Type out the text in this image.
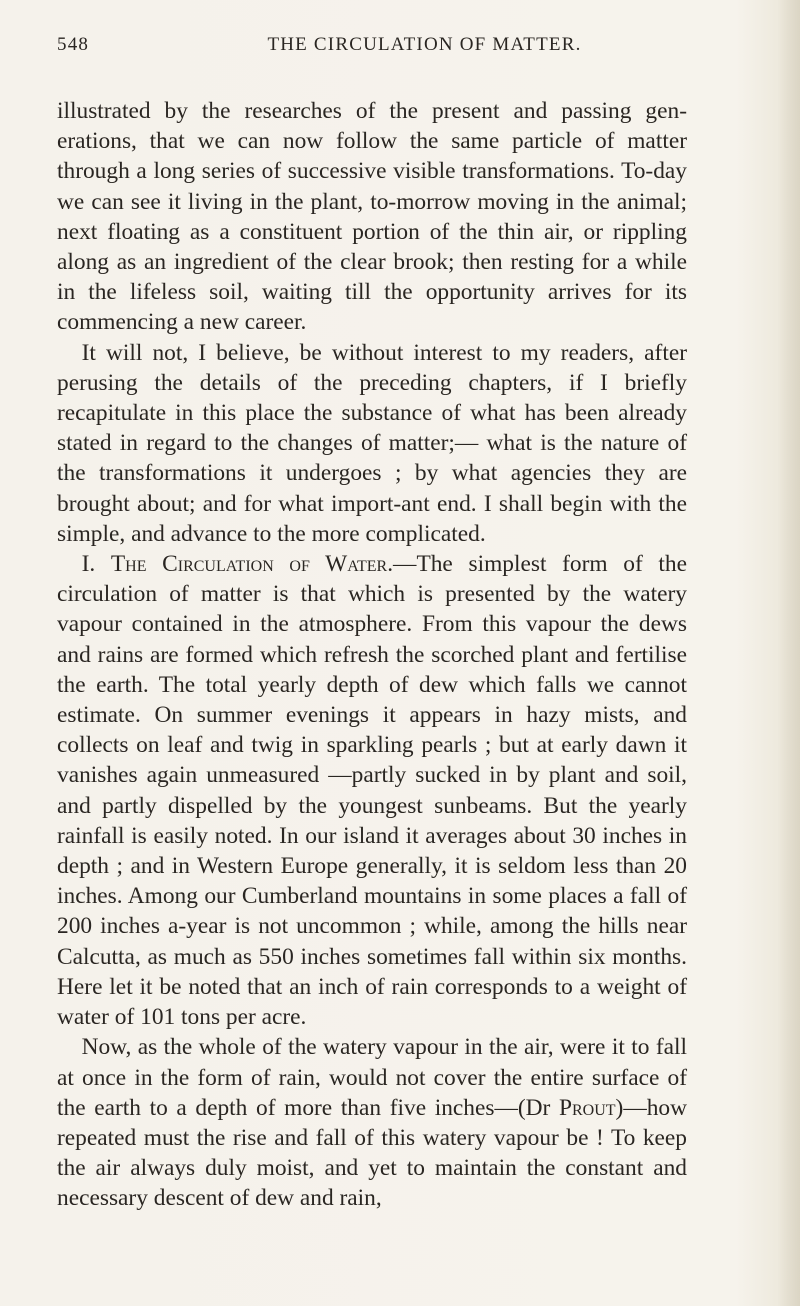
548	THE CIRCULATION OF MATTER.

illustrated by the researches of the present and passing gen-erations, that we can now follow the same particle of matter through a long series of successive visible transformations. To-day we can see it living in the plant, to-morrow moving in the animal; next floating as a constituent portion of the thin air, or rippling along as an ingredient of the clear brook; then resting for a while in the lifeless soil, waiting till the opportunity arrives for its commencing a new career.

It will not, I believe, be without interest to my readers, after perusing the details of the preceding chapters, if I briefly recapitulate in this place the substance of what has been already stated in regard to the changes of matter;— what is the nature of the transformations it undergoes ; by what agencies they are brought about; and for what import-ant end. I shall begin with the simple, and advance to the more complicated.

I. The Circulation of Water.—The simplest form of the circulation of matter is that which is presented by the watery vapour contained in the atmosphere. From this vapour the dews and rains are formed which refresh the scorched plant and fertilise the earth. The total yearly depth of dew which falls we cannot estimate. On summer evenings it appears in hazy mists, and collects on leaf and twig in sparkling pearls ; but at early dawn it vanishes again unmeasured —partly sucked in by plant and soil, and partly dispelled by the youngest sunbeams. But the yearly rainfall is easily noted. In our island it averages about 30 inches in depth ; and in Western Europe generally, it is seldom less than 20 inches. Among our Cumberland mountains in some places a fall of 200 inches a-year is not uncommon ; while, among the hills near Calcutta, as much as 550 inches sometimes fall within six months. Here let it be noted that an inch of rain corresponds to a weight of water of 101 tons per acre.

Now, as the whole of the watery vapour in the air, were it to fall at once in the form of rain, would not cover the entire surface of the earth to a depth of more than five inches—(Dr Prout)—how repeated must the rise and fall of this watery vapour be ! To keep the air always duly moist, and yet to maintain the constant and necessary descent of dew and rain,
